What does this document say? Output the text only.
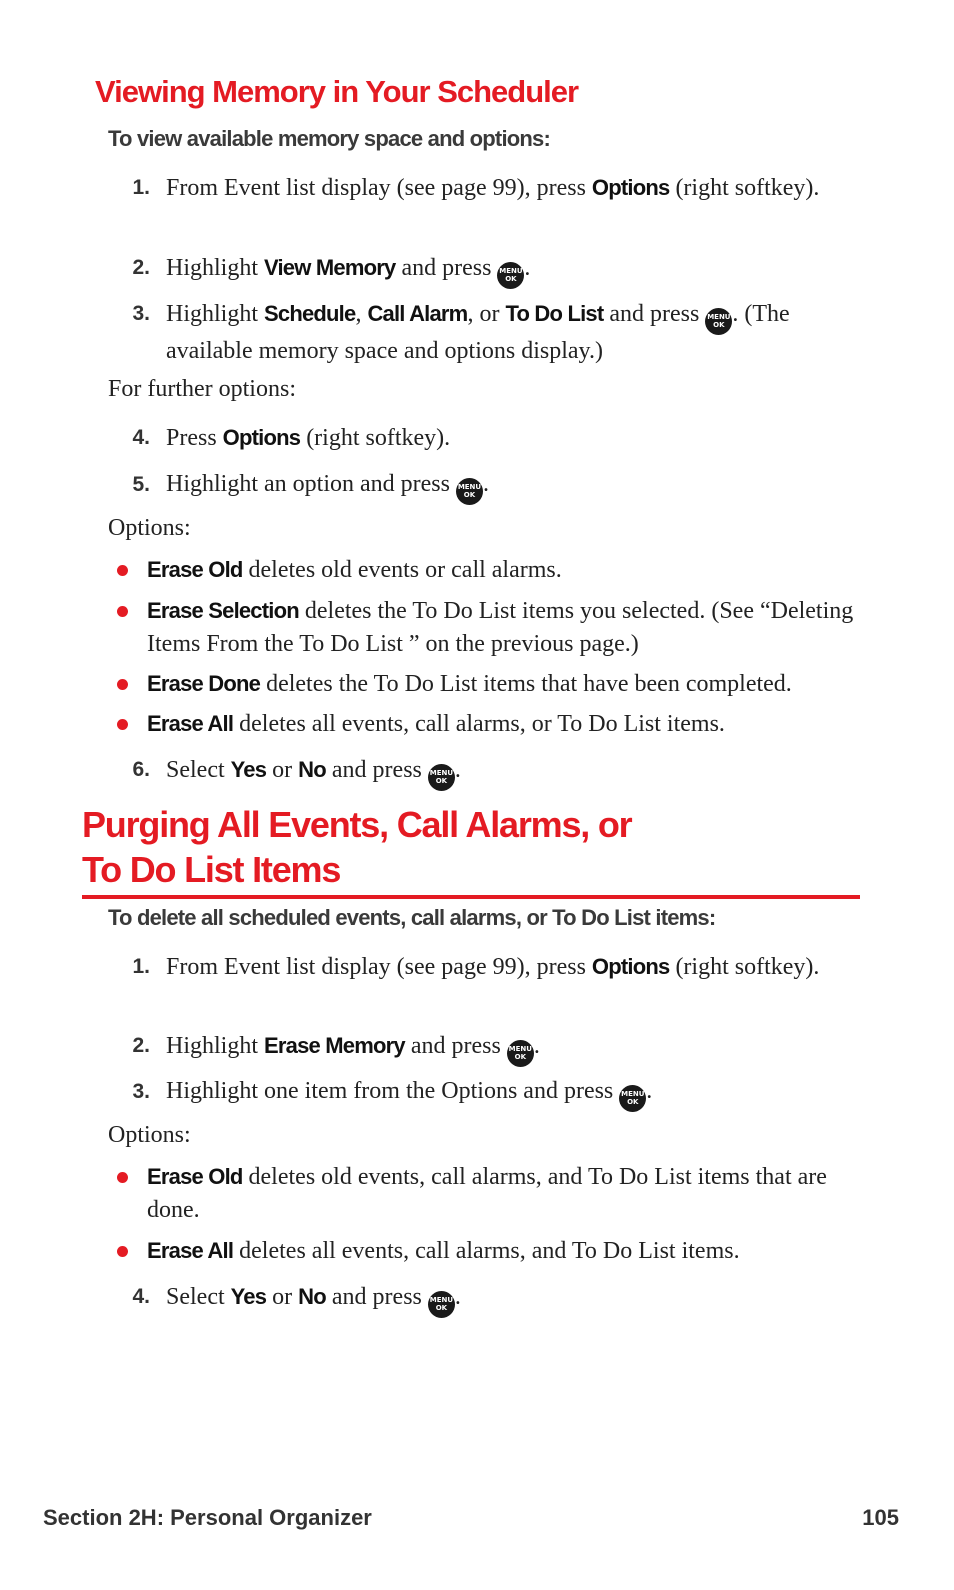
Viewing Memory in Your Scheduler
To view available memory space and options:
1. From Event list display (see page 99), press Options (right softkey).
2. Highlight View Memory and press MENU
OK .
3. Highlight Schedule, Call Alarm, or To Do List and press MENU
OK . (The available memory space and options display.)
For further options:
4. Press Options (right softkey).
5. Highlight an option and press MENU
OK .
Options:
Erase Old deletes old events or call alarms.
Erase Selection deletes the To Do List items you selected. (See “Deleting Items From the To Do List ” on the previous page.)
Erase Done deletes the To Do List items that have been completed.
Erase All deletes all events, call alarms, or To Do List items.
6. Select Yes or No and press MENU
OK .
Purging All Events, Call Alarms, or
To Do List Items
To delete all scheduled events, call alarms, or To Do List items:
1. From Event list display (see page 99), press Options (right softkey).
2. Highlight Erase Memory and press MENU
OK .
3. Highlight one item from the Options and press MENU
OK .
Options:
Erase Old deletes old events, call alarms, and To Do List items that are done.
Erase All deletes all events, call alarms, and To Do List items.
4. Select Yes or No and press MENU
OK .
Section 2H: Personal Organizer	105
